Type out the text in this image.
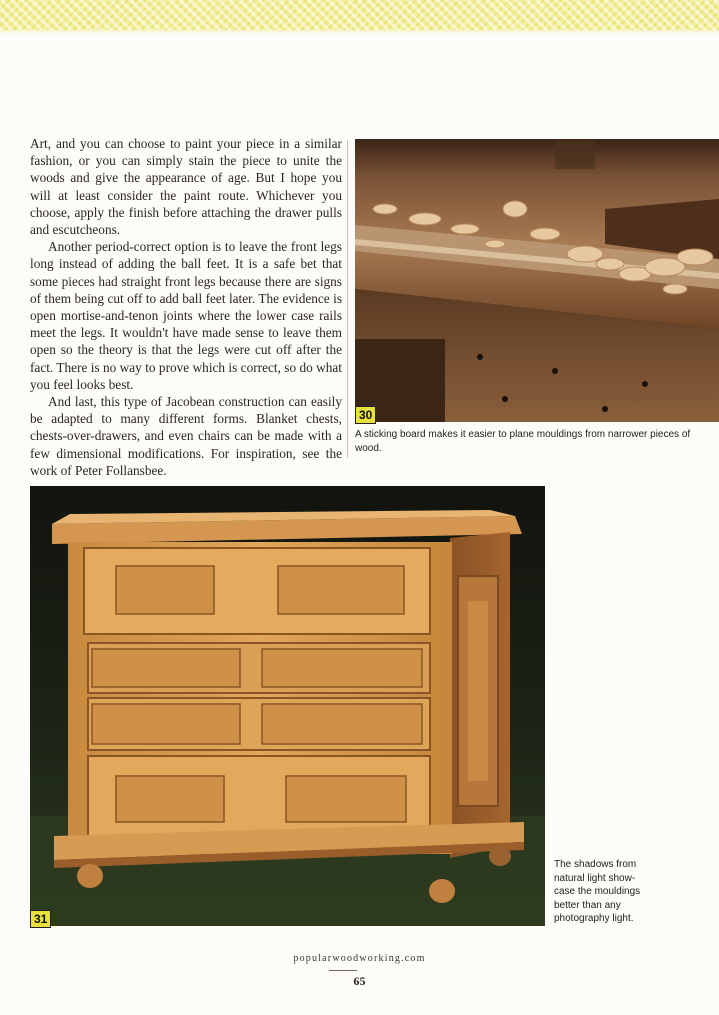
Art, and you can choose to paint your piece in a similar fashion, or you can simply stain the piece to unite the woods and give the appearance of age. But I hope you will at least consider the paint route. Whichever you choose, apply the finish before attaching the drawer pulls and escutcheons.

Another period-correct option is to leave the front legs long instead of adding the ball feet. It is a safe bet that some pieces had straight front legs because there are signs of them being cut off to add ball feet later. The evidence is open mortise-and-tenon joints where the lower case rails meet the legs. It wouldn't have made sense to leave them open so the theory is that the legs were cut off after the fact. There is no way to prove which is correct, so do what you feel looks best.

And last, this type of Jacobean construction can easily be adapted to many different forms. Blanket chests, chests-over-drawers, and even chairs can be made with a few dimensional modifications. For inspiration, see the work of Peter Follansbee.

30
A sticking board makes it easier to plane mouldings from narrower pieces of wood.
31
The shadows from natural light show-case the mouldings better than any photography light.
popularwoodworking.com
65
